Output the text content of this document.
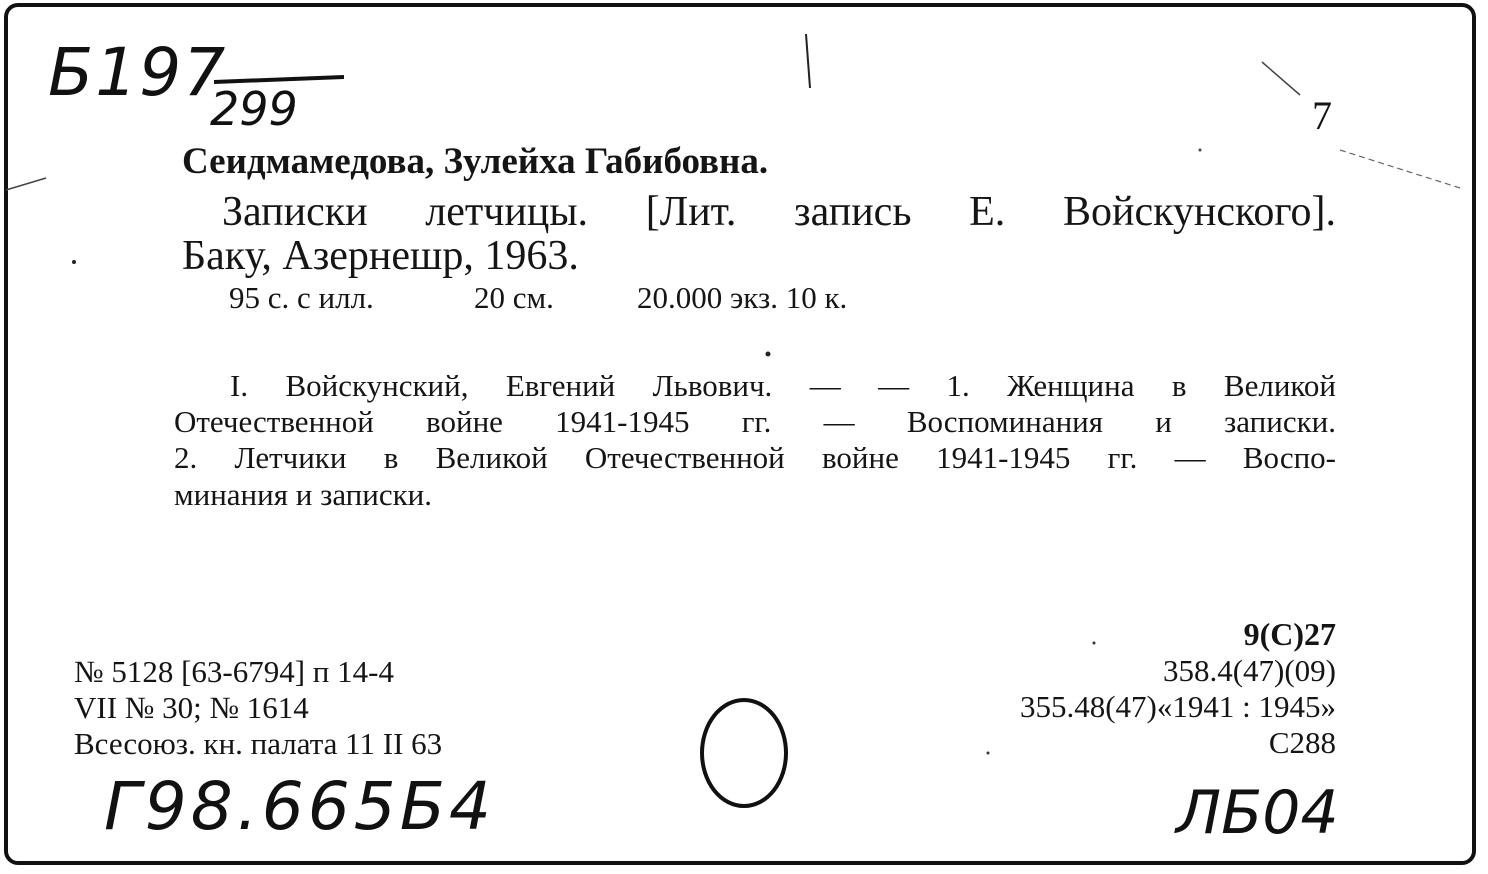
Б197
299	7
Сеидмамедова, Зулейха Габибовна.
Записки летчицы. [Лит. запись Е. Войскунского].
Баку, Азернешр, 1963.
95 с. с илл.	20 см.	20.000 экз. 10 к.
I. Войскунский, Евгений Львович. — — 1. Женщина в Великой
Отечественной войне 1941-1945 гг. — Воспоминания и записки.
2. Летчики в Великой Отечественной войне 1941-1945 гг. — Воспо-
минания и записки.
№ 5128 [63-6794] п 14-4
VII № 30; № 1614
Всесоюз. кн. палата 11 II 63
9(С)27
358.4(47)(09)
355.48(47)«1941 : 1945»
С288
Г98.665Б4	ЛБ04
